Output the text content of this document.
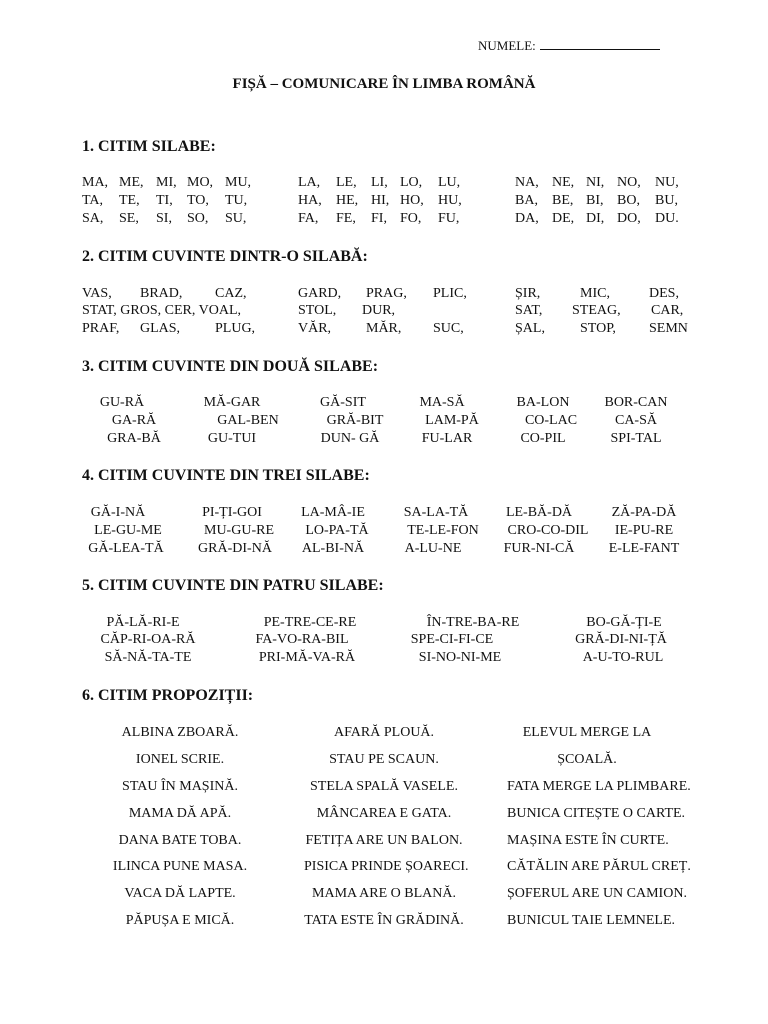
NUMELE:
FIȘĂ – COMUNICARE ÎN LIMBA ROMÂNĂ
1. CITIM SILABE:
MA, ME, MI, MO, MU,	LA, LE, LI, LO, LU,	NA, NE, NI, NO, NU,
TA, TE, TI, TO, TU,	HA, HE, HI, HO, HU,	BA, BE, BI, BO, BU,
SA, SE, SI, SO, SU,	FA, FE, FI, FO, FU,	DA, DE, DI, DO, DU.
2. CITIM CUVINTE DINTR-O SILABĂ:
VAS, BRAD, CAZ,	GARD, PRAG, PLIC,	ȘIR,	MIC,	DES,
STAT, GROS, CER, VOAL,	STOL, DUR,	SAT, STEAG, CAR,
PRAF, GLAS, PLUG,	VĂR, MĂR, SUC,	ȘAL,	STOP, SEMN
3. CITIM CUVINTE DIN DOUĂ SILABE:
GU-RĂ	MĂ-GAR	GĂ-SIT	MA-SĂ	BA-LON	BOR-CAN
GA-RĂ	GAL-BEN	GRĂ-BIT	LAM-PĂ	CO-LAC	CA-SĂ
GRA-BĂ	GU-TUI	DUN- GĂ	FU-LAR	CO-PIL	SPI-TAL
4. CITIM CUVINTE DIN TREI SILABE:
GĂ-I-NĂ	PI-ȚI-GOI	LA-MÂ-IE	SA-LA-TĂ	LE-BĂ-DĂ	ZĂ-PA-DĂ
LE-GU-ME	MU-GU-RE	LO-PA-TĂ	TE-LE-FON	CRO-CO-DIL	IE-PU-RE
GĂ-LEA-TĂ	GRĂ-DI-NĂ	AL-BI-NĂ	A-LU-NE	FUR-NI-CĂ	E-LE-FANT
5. CITIM CUVINTE DIN PATRU SILABE:
PĂ-LĂ-RI-E	PE-TRE-CE-RE	ÎN-TRE-BA-RE	BO-GĂ-ȚI-E
CĂP-RI-OA-RĂ	FA-VO-RA-BIL	SPE-CI-FI-CE	GRĂ-DI-NI-ȚĂ
SĂ-NĂ-TA-TE	PRI-MĂ-VA-RĂ	SI-NO-NI-ME	A-U-TO-RUL
6. CITIM PROPOZIȚII:
ALBINA ZBOARĂ.	AFARĂ PLOUĂ.	ELEVUL MERGE LA
IONEL SCRIE.	STAU PE SCAUN.	ȘCOALĂ.
STAU ÎN MAȘINĂ.	STELA SPALĂ VASELE.	FATA MERGE LA PLIMBARE.
MAMA DĂ APĂ.	MÂNCAREA E GATA.	BUNICA CITEȘTE O CARTE.
DANA BATE TOBA.	FETIȚA ARE UN BALON.	MAȘINA ESTE ÎN CURTE.
ILINCA PUNE MASA.	PISICA PRINDE ȘOARECI.	CĂTĂLIN ARE PĂRUL CREȚ.
VACA DĂ LAPTE.	MAMA ARE O BLANĂ.	ȘOFERUL ARE UN CAMION.
PĂPUȘA E MICĂ.	TATA ESTE ÎN GRĂDINĂ.	BUNICUL TAIE LEMNELE.
